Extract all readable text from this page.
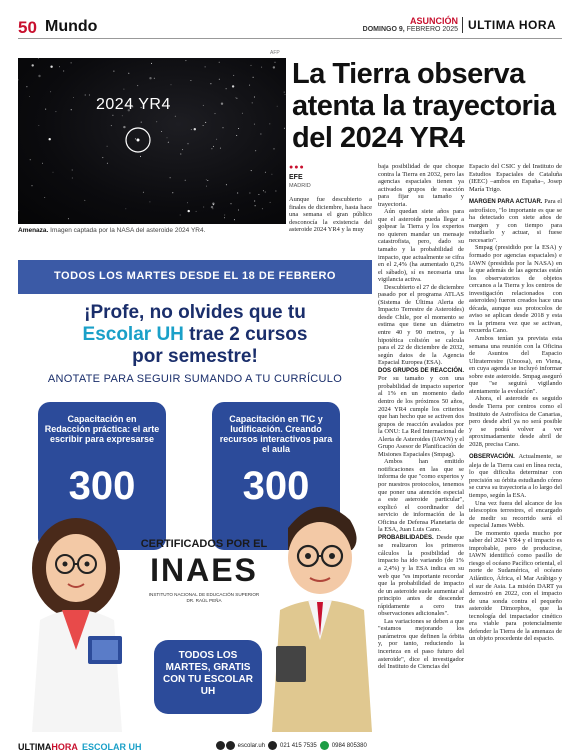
50 Mundo	ASUNCIÓN
DOMINGO 9, FEBRERO 2025 ULTIMA HORA
AFP
2024 YR4
Amenaza. Imagen captada por la NASA del asteroide 2024 YR4.
La Tierra observa atenta la trayectoria del 2024 YR4
●●●
EFE
MADRID

Aunque fue descubierto a finales de diciembre, hasta hace una semana el gran público desconocía la existencia del asteroide 2024 YR4 y la muy

baja posibilidad de que choque contra la Tierra en 2032, pero las agencias espaciales tienen ya activados grupos de reacción para fijar su tamaño y trayectoria.

Aún quedan siete años para que el asteroide pueda llegar a golpear la Tierra y los expertos no quieren mandar un mensaje catastrofista, pero, dado su tamaño y la probabilidad de impacto, que actualmente se cifra en el 2,4% (ha aumentado 0,2% el sábado), sí es necesaria una vigilancia activa.

Descubierto el 27 de diciembre pasado por el programa ATLAS (Sistema de Última Alerta de Impacto Terrestre de Asteroides) desde Chile, por el momento se estima que tiene un diámetro entre 40 y 90 metros, y la hipotética colisión se calcula para el 22 de diciembre de 2032, según datos de la Agencia Espacial Europea (ESA).

DOS GRUPOS DE REACCIÓN. Por su tamaño y con una probabilidad de impacto superior al 1% en un momento dado dentro de los próximos 50 años, 2024 YR4 cumple los criterios que han hecho que se activen dos grupos de reacción avalados por la ONU: La Red Internacional de Alerta de Asteroides (IAWN) y el Grupo Asesor de Planificación de Misiones Espaciales (Smpag).

Ambos han emitido notificaciones en las que se informa de que "como expertos y por nuestros protocolos, tenemos que poner una atención especial a este asteroide particular", explicó el coordinador del servicio de información de la Oficina de Defensa Planetaria de la ESA, Juan Luis Cano.

PROBABILIDADES. Desde que se realizaron los primeros cálculos la posibilidad de impacto ha ido variando (de 1% a 2,4%) y la ESA indica en su web que "es importante recordar que la probabilidad de impacto de un asteroide suele aumentar al principio antes de descender rápidamente a cero tras observaciones adicionales".

Las variaciones se deben a que "estamos mejorando los parámetros que definen la órbita y, por tanto, reduciendo la incerteza en el paso futuro del asteroide", dice el investigador del Instituto de Ciencias del

Espacio del CSIC y del Instituto de Estudios Espaciales de Cataluña (IEEC) –ambos en España–, Josep María Trigo.

MARGEN PARA ACTUAR. Para el astrofísico, "lo importante es que se ha detectado con siete años de margen y con tiempo para estudiarlo y actuar, si fuese necesario".

Smpag (presidido por la ESA) y formado por agencias espaciales) e IAWN (presidida por la NASA) en la que además de las agencias están los observatorios de objetos cercanos a la Tierra y los centros de investigación relacionados con asteroides) fueron creados hace una década, aunque sus protocolos de aviso se aplican desde 2018 y esta es la primera vez que se activan, recuerda Cano.

Ambos tenían ya prevista esta semana una reunión con la Oficina de Asuntos del Espacio Ultraterrestre (Unoosa), en Viena, en cuya agenda se incluyó informar sobre este asteroide. Smpag aseguró que "se seguirá vigilando atentamente la evolución".

Ahora, el asteroide es seguido desde Tierra por centros como el Instituto de Astrofísica de Canarias, pero desde abril ya no será posible y se podrá volver a ver aproximadamente desde abril de 2028, precisa Cano.

OBSERVACIÓN. Actualmente, se aleja de la Tierra casi en línea recta, lo que dificulta determinar con precisión su órbita estudiando cómo se curva su trayectoria a lo largo del tiempo, según la ESA.

Una vez fuera del alcance de los telescopios terrestres, el encargado de medir su recorrido será el especial James Webb.

De momento queda mucho por saber del 2024 YR4 y el impacto es improbable, pero de producirse, IAWN identificó como pasillo de riesgo el océano Pacífico oriental, el norte de Sudamérica, el océano Atlántico, África, el Mar Arábigo y el sur de Asia. La misión DART ya demostró en 2022, con el impacto de una sonda contra el pequeño asteroide Dimorphos, que la tecnología del impactador cinético era viable para potencialmente defender la Tierra de la amenaza de un objeto procedente del espacio.

TODOS LOS MARTES DESDE EL 18 DE FEBRERO
¡Profe, no olvides que tu
Escolar UH trae 2 cursos
por semestre!
ANOTATE PARA SEGUIR SUMANDO A TU CURRÍCULO
Capacitación en Redacción práctica: el arte escribir para expresarse
300
Capacitación en TIC y ludificación. Creando recursos interactivos para el aula
300
CERTIFICADOS POR EL
INAES
INSTITUTO NACIONAL DE EDUCACIÓN SUPERIOR
DR. RAÚL PEÑA
TODOS LOS MARTES, GRATIS CON TU ESCOLAR UH
ULTIMAHORA ESCOLAR UH	escolar.uh	021 415 7535	0984 805380
